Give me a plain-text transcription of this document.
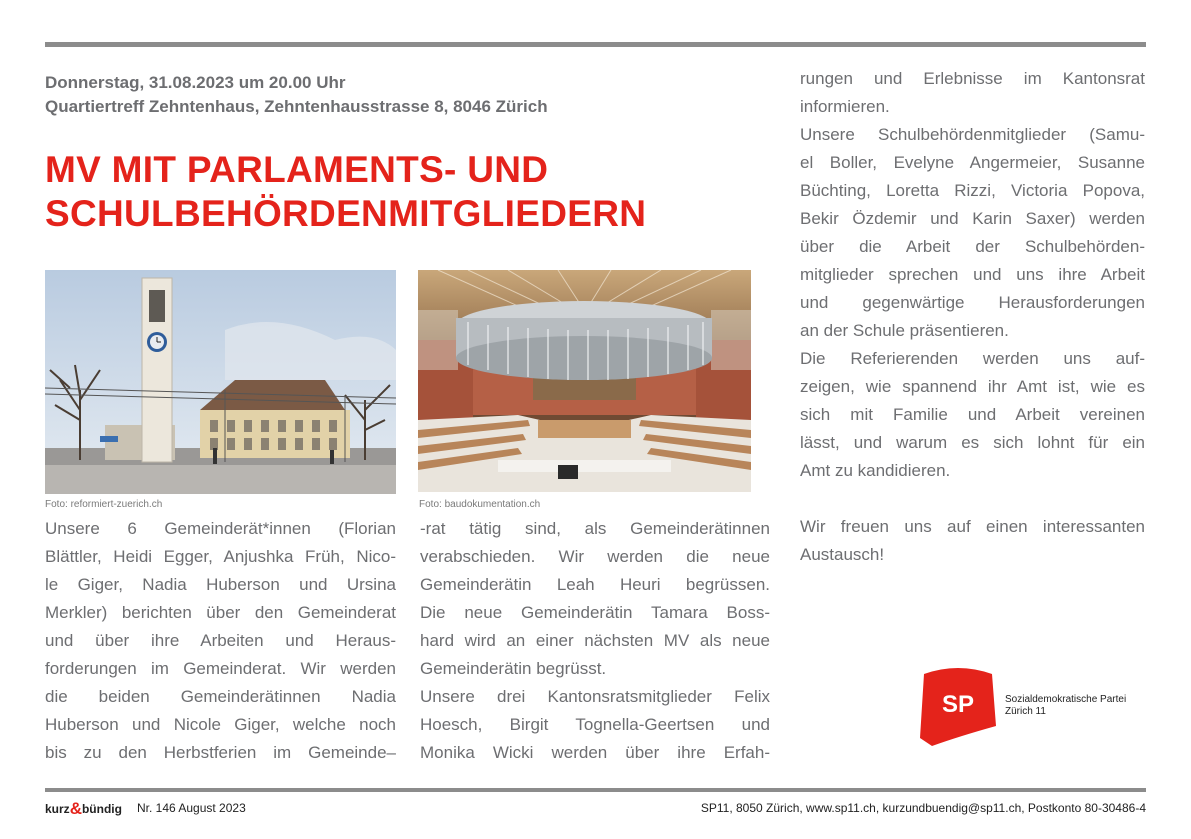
Donnerstag, 31.08.2023 um 20.00 Uhr
Quartiertreff Zehntenhaus, Zehntenhausstrasse 8, 8046 Zürich
MV MIT PARLAMENTS- UND
SCHULBEHÖRDENMITGLIEDERN
Foto: reformiert-zuerich.ch	Foto: baudokumentation.ch
Unsere 6 Gemeinderät*innen (Florian
Blättler, Heidi Egger, Anjushka Früh, Nico-
le Giger, Nadia Huberson und Ursina
Merkler) berichten über den Gemeinderat
und über ihre Arbeiten und Heraus-
forderungen im Gemeinderat. Wir werden
die beiden Gemeinderätinnen Nadia
Huberson und Nicole Giger, welche noch
bis zu den Herbstferien im Gemeinde–
-rat tätig sind, als Gemeinderätinnen
verabschieden. Wir werden die neue
Gemeinderätin Leah Heuri begrüssen.
Die neue Gemeinderätin Tamara Boss-
hard wird an einer nächsten MV als neue
Gemeinderätin begrüsst.
Unsere drei Kantonsratsmitglieder Felix
Hoesch, Birgit Tognella-Geertsen und
Monika Wicki werden über ihre Erfah-
rungen und Erlebnisse im Kantonsrat
informieren.
Unsere Schulbehördenmitglieder (Samu-
el Boller, Evelyne Angermeier, Susanne
Büchting, Loretta Rizzi, Victoria Popova,
Bekir Özdemir und Karin Saxer) werden
über die Arbeit der Schulbehörden-
mitglieder sprechen und uns ihre Arbeit
und gegenwärtige Herausforderungen
an der Schule präsentieren.
Die Referierenden werden uns auf-
zeigen, wie spannend ihr Amt ist, wie es
sich mit Familie und Arbeit vereinen
lässt, und warum es sich lohnt für ein
Amt zu kandidieren.
Wir freuen uns auf einen interessanten
Austausch!
SP	Sozialdemokratische Partei
Zürich 11
kurz&bündig Nr. 146 August 2023	SP11, 8050 Zürich, www.sp11.ch, kurzundbuendig@sp11.ch, Postkonto 80-30486-4
